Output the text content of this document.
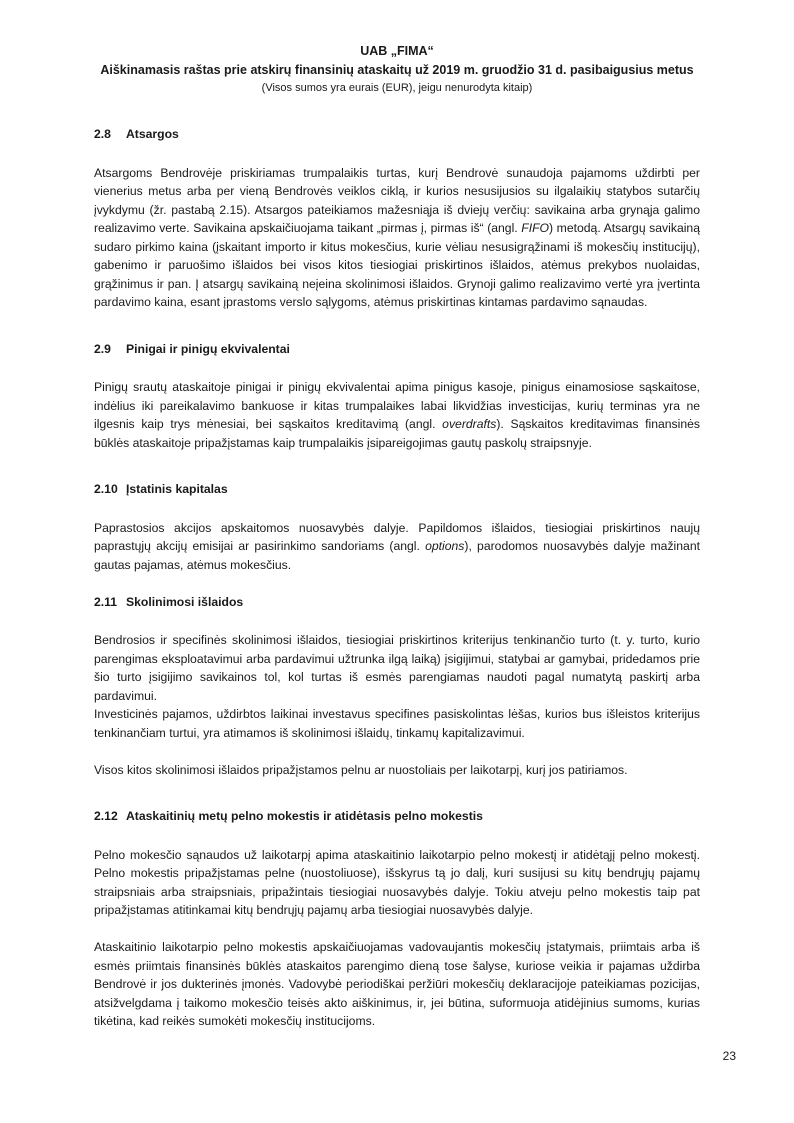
UAB „FIMA“
Aiškinamasis raštas prie atskirų finansinių ataskaitų už 2019 m. gruodžio 31 d. pasibaigusius metus
(Visos sumos yra eurais (EUR), jeigu nenurodyta kitaip)
2.8 Atsargos

Atsargoms Bendrovėje priskiriamas trumpalaikis turtas, kurį Bendrovė sunaudoja pajamoms uždirbti per vienerius metus arba per vieną Bendrovės veiklos ciklą, ir kurios nesusijusios su ilgalaikių statybos sutarčių įvykdymu (žr. pastabą 2.15). Atsargos pateikiamos mažesniąja iš dviejų verčių: savikaina arba grynąja galimo realizavimo verte. Savikaina apskaičiuojama taikant „pirmas į, pirmas iš“ (angl. FIFO) metodą. Atsargų savikainą sudaro pirkimo kaina (įskaitant importo ir kitus mokesčius, kurie vėliau nesusigrąžinami iš mokesčių institucijų), gabenimo ir paruošimo išlaidos bei visos kitos tiesiogiai priskirtinos išlaidos, atėmus prekybos nuolaidas, grąžinimus ir pan. Į atsargų savikainą neįeina skolinimosi išlaidos. Grynoji galimo realizavimo vertė yra įvertinta pardavimo kaina, esant įprastoms verslo sąlygoms, atėmus priskirtinas kintamas pardavimo sąnaudas.

2.9 Pinigai ir pinigų ekvivalentai

Pinigų srautų ataskaitoje pinigai ir pinigų ekvivalentai apima pinigus kasoje, pinigus einamosiose sąskaitose, indėlius iki pareikalavimo bankuose ir kitas trumpalaikes labai likvidžias investicijas, kurių terminas yra ne ilgesnis kaip trys mėnesiai, bei sąskaitos kreditavimą (angl. overdrafts). Sąskaitos kreditavimas finansinės būklės ataskaitoje pripažįstamas kaip trumpalaikis įsipareigojimas gautų paskolų straipsnyje.

2.10 Įstatinis kapitalas

Paprastosios akcijos apskaitomos nuosavybės dalyje. Papildomos išlaidos, tiesiogiai priskirtinos naujų paprastųjų akcijų emisijai ar pasirinkimo sandoriams (angl. options), parodomos nuosavybės dalyje mažinant gautas pajamas, atėmus mokesčius.

2.11 Skolinimosi išlaidos

Bendrosios ir specifinės skolinimosi išlaidos, tiesiogiai priskirtinos kriterijus tenkinančio turto (t. y. turto, kurio parengimas eksploatavimui arba pardavimui užtrunka ilgą laiką) įsigijimui, statybai ar gamybai, pridedamos prie šio turto įsigijimo savikainos tol, kol turtas iš esmės parengiamas naudoti pagal numatytą paskirtį arba pardavimui.

Investicinės pajamos, uždirbtos laikinai investavus specifines pasiskolintas lėšas, kurios bus išleistos kriterijus tenkinančiam turtui, yra atimamos iš skolinimosi išlaidų, tinkamų kapitalizavimui.

Visos kitos skolinimosi išlaidos pripažįstamos pelnu ar nuostoliais per laikotarpį, kurį jos patiriamos.

2.12 Ataskaitinių metų pelno mokestis ir atidėtasis pelno mokestis

Pelno mokesčio sąnaudos už laikotarpį apima ataskaitinio laikotarpio pelno mokestį ir atidėtąjį pelno mokestį. Pelno mokestis pripažįstamas pelne (nuostoliuose), išskyrus tą jo dalį, kuri susijusi su kitų bendrųjų pajamų straipsniais arba straipsniais, pripažintais tiesiogiai nuosavybės dalyje. Tokiu atveju pelno mokestis taip pat pripažįstamas atitinkamai kitų bendrųjų pajamų arba tiesiogiai nuosavybės dalyje.

Ataskaitinio laikotarpio pelno mokestis apskaičiuojamas vadovaujantis mokesčių įstatymais, priimtais arba iš esmės priimtais finansinės būklės ataskaitos parengimo dieną tose šalyse, kuriose veikia ir pajamas uždirba Bendrovė ir jos dukterinės įmonės. Vadovybė periodiškai peržiūri mokesčių deklaracijoje pateikiamas pozicijas, atsižvelgdama į taikomo mokesčio teisės akto aiškinimus, ir, jei būtina, suformuoja atidėjinius sumoms, kurias tikėtina, kad reikės sumokėti mokesčių institucijoms.

23
